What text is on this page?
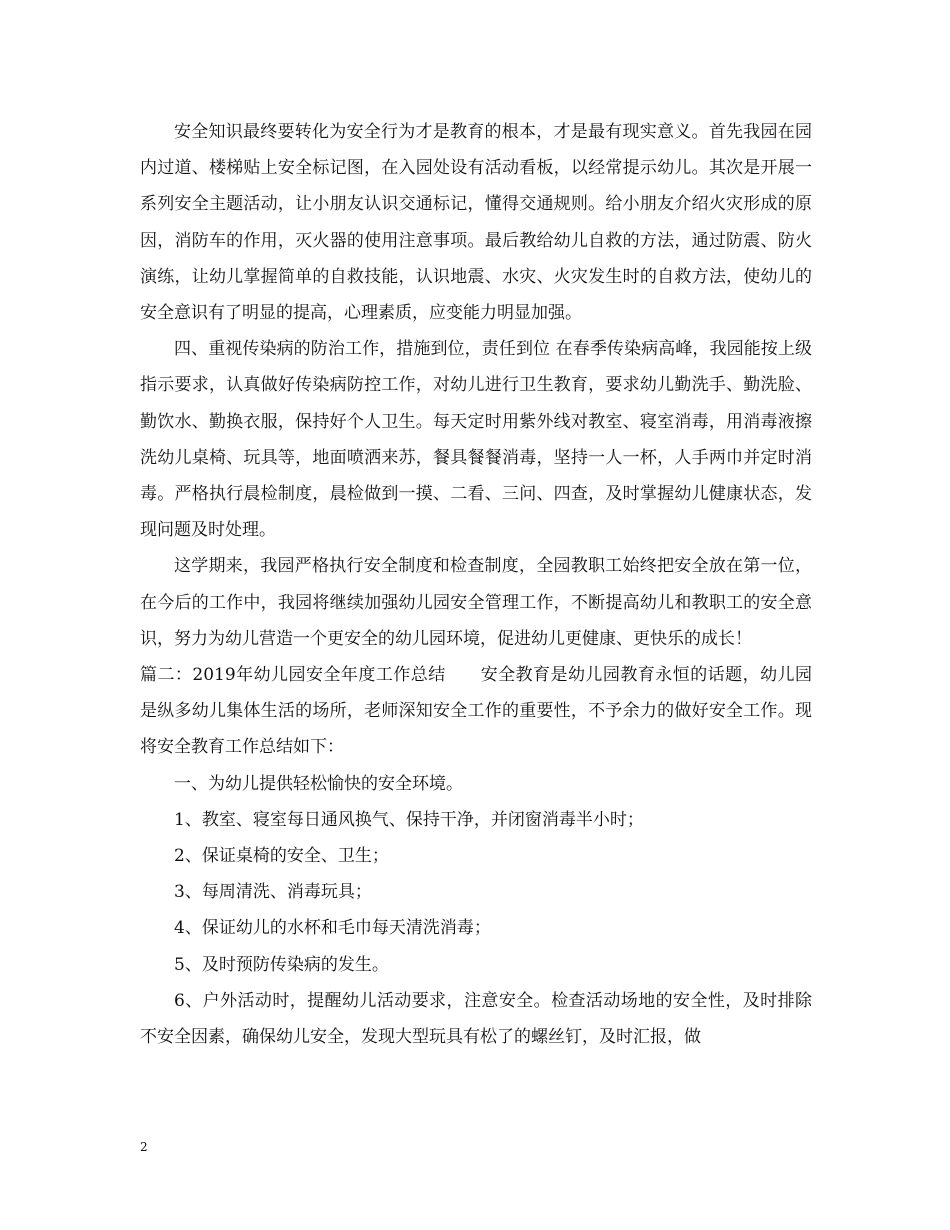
安全知识最终要转化为安全行为才是教育的根本，才是最有现实意义。首先我园在园内过道、楼梯贴上安全标记图，在入园处设有活动看板，以经常提示幼儿。其次是开展一系列安全主题活动，让小朋友认识交通标记，懂得交通规则。给小朋友介绍火灾形成的原因，消防车的作用，灭火器的使用注意事项。最后教给幼儿自救的方法，通过防震、防火演练，让幼儿掌握简单的自救技能，认识地震、水灾、火灾发生时的自救方法，使幼儿的安全意识有了明显的提高，心理素质，应变能力明显加强。

四、重视传染病的防治工作，措施到位，责任到位 在春季传染病高峰，我园能按上级指示要求，认真做好传染病防控工作，对幼儿进行卫生教育，要求幼儿勤洗手、勤洗脸、勤饮水、勤换衣服，保持好个人卫生。每天定时用紫外线对教室、寝室消毒，用消毒液擦洗幼儿桌椅、玩具等，地面喷洒来苏，餐具餐餐消毒，坚持一人一杯，人手两巾并定时消毒。严格执行晨检制度，晨检做到一摸、二看、三问、四查，及时掌握幼儿健康状态，发现问题及时处理。

这学期来，我园严格执行安全制度和检查制度，全园教职工始终把安全放在第一位，在今后的工作中，我园将继续加强幼儿园安全管理工作，不断提高幼儿和教职工的安全意识，努力为幼儿营造一个更安全的幼儿园环境，促进幼儿更健康、更快乐的成长！

篇二：2019年幼儿园安全年度工作总结　　安全教育是幼儿园教育永恒的话题，幼儿园是纵多幼儿集体生活的场所，老师深知安全工作的重要性，不予余力的做好安全工作。现将安全教育工作总结如下：

一、为幼儿提供轻松愉快的安全环境。

1、教室、寝室每日通风换气、保持干净，并闭窗消毒半小时；

2、保证桌椅的安全、卫生；

3、每周清洗、消毒玩具；

4、保证幼儿的水杯和毛巾每天清洗消毒；

5、及时预防传染病的发生。

6、户外活动时，提醒幼儿活动要求，注意安全。检查活动场地的安全性，及时排除不安全因素，确保幼儿安全，发现大型玩具有松了的螺丝钉，及时汇报，做

2
